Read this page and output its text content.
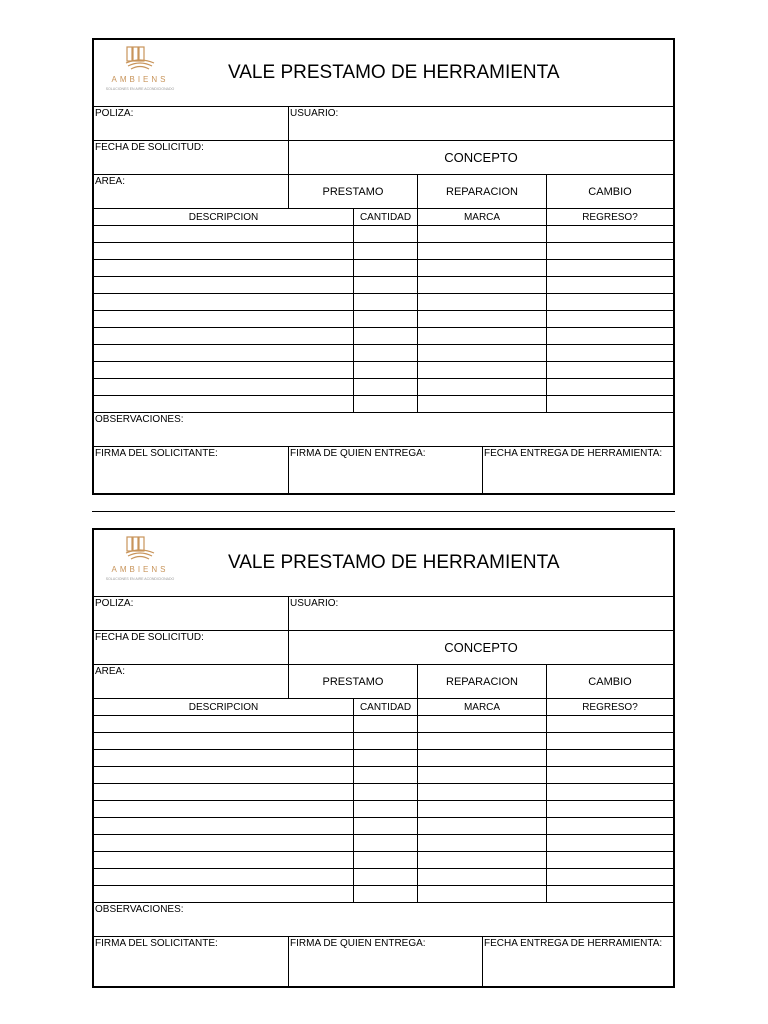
AMBIENS
SOLUCIONES EN AIRE ACONDICIONADO
VALE PRESTAMO DE HERRAMIENTA
POLIZA:	USUARIO:
FECHA DE SOLICITUD:
CONCEPTO
AREA:
PRESTAMO	REPARACION	CAMBIO
DESCRIPCION	CANTIDAD	MARCA	REGRESO?
OBSERVACIONES:
FIRMA DEL SOLICITANTE:	FIRMA DE QUIEN ENTREGA:	FECHA ENTREGA DE HERRAMIENTA:
AMBIENS
SOLUCIONES EN AIRE ACONDICIONADO
VALE PRESTAMO DE HERRAMIENTA
POLIZA:	USUARIO:
FECHA DE SOLICITUD:
CONCEPTO
AREA:
PRESTAMO	REPARACION	CAMBIO
DESCRIPCION	CANTIDAD	MARCA	REGRESO?
OBSERVACIONES:
FIRMA DEL SOLICITANTE:	FIRMA DE QUIEN ENTREGA:	FECHA ENTREGA DE HERRAMIENTA:
